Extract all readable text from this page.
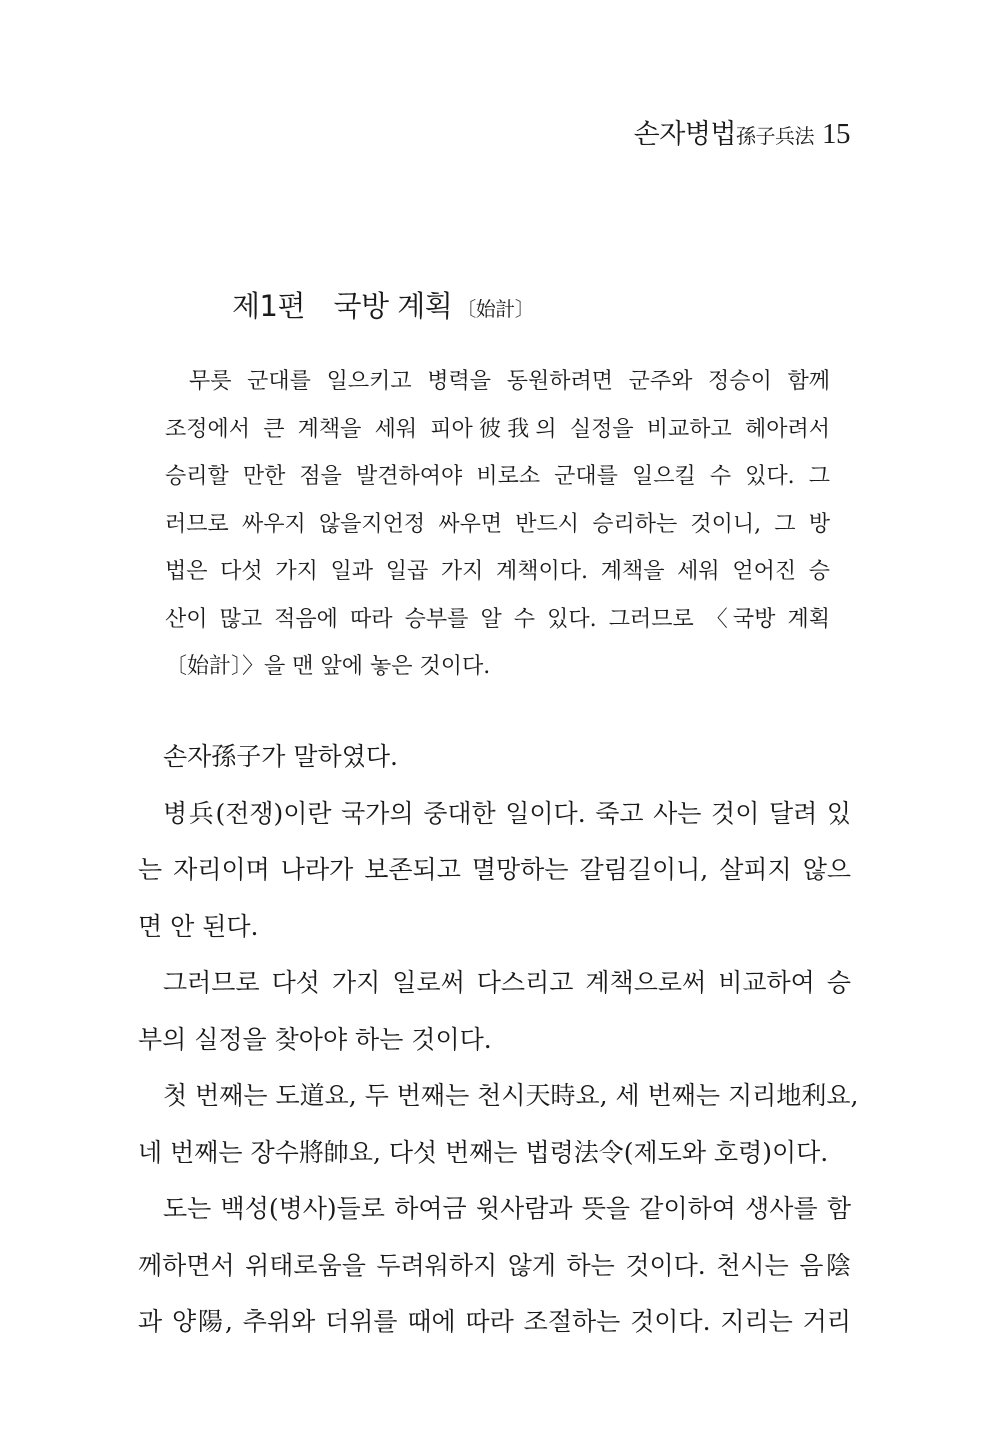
손자병법孫子兵法 15
제1편　국방 계획 〔始計〕
무릇 군대를 일으키고 병력을 동원하려면 군주와 정승이 함께
조정에서 큰 계책을 세워 피아彼我의 실정을 비교하고 헤아려서
승리할 만한 점을 발견하여야 비로소 군대를 일으킬 수 있다. 그
러므로 싸우지 않을지언정 싸우면 반드시 승리하는 것이니, 그 방
법은 다섯 가지 일과 일곱 가지 계책이다. 계책을 세워 얻어진 승
산이 많고 적음에 따라 승부를 알 수 있다. 그러므로 〈국방 계획
〔始計〕〉을 맨 앞에 놓은 것이다.
손자孫子가 말하였다.
병兵(전쟁)이란 국가의 중대한 일이다. 죽고 사는 것이 달려 있
는 자리이며 나라가 보존되고 멸망하는 갈림길이니, 살피지 않으
면 안 된다.
그러므로 다섯 가지 일로써 다스리고 계책으로써 비교하여 승
부의 실정을 찾아야 하는 것이다.
첫 번째는 도道요, 두 번째는 천시天時요, 세 번째는 지리地利요,
네 번째는 장수將帥요, 다섯 번째는 법령法令(제도와 호령)이다.
도는 백성(병사)들로 하여금 윗사람과 뜻을 같이하여 생사를 함
께하면서 위태로움을 두려워하지 않게 하는 것이다. 천시는 음陰
과 양陽, 추위와 더위를 때에 따라 조절하는 것이다. 지리는 거리
